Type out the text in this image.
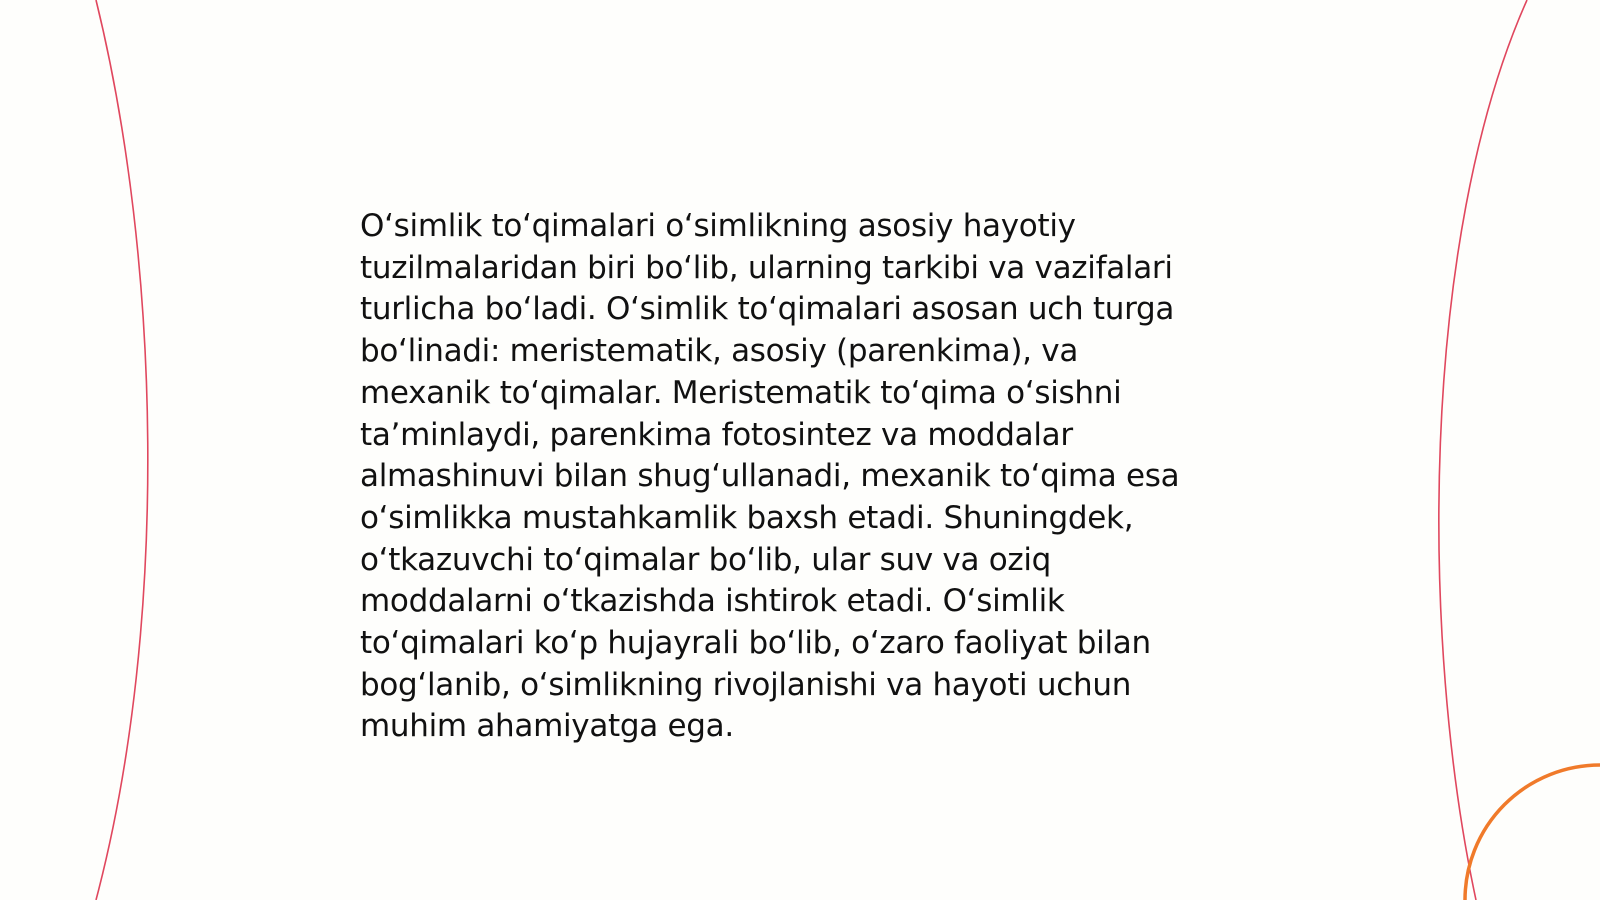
O‘simlik to‘qimalari o‘simlikning asosiy hayotiy
tuzilmalaridan biri bo‘lib, ularning tarkibi va vazifalari
turlicha bo‘ladi. O‘simlik to‘qimalari asosan uch turga
bo‘linadi: meristematik, asosiy (parenkima), va
mexanik to‘qimalar. Meristematik to‘qima o‘sishni
ta’minlaydi, parenkima fotosintez va moddalar
almashinuvi bilan shug‘ullanadi, mexanik to‘qima esa
o‘simlikka mustahkamlik baxsh etadi. Shuningdek,
o‘tkazuvchi to‘qimalar bo‘lib, ular suv va oziq
moddalarni o‘tkazishda ishtirok etadi. O‘simlik
to‘qimalari ko‘p hujayrali bo‘lib, o‘zaro faoliyat bilan
bog‘lanib, o‘simlikning rivojlanishi va hayoti uchun
muhim ahamiyatga ega.
